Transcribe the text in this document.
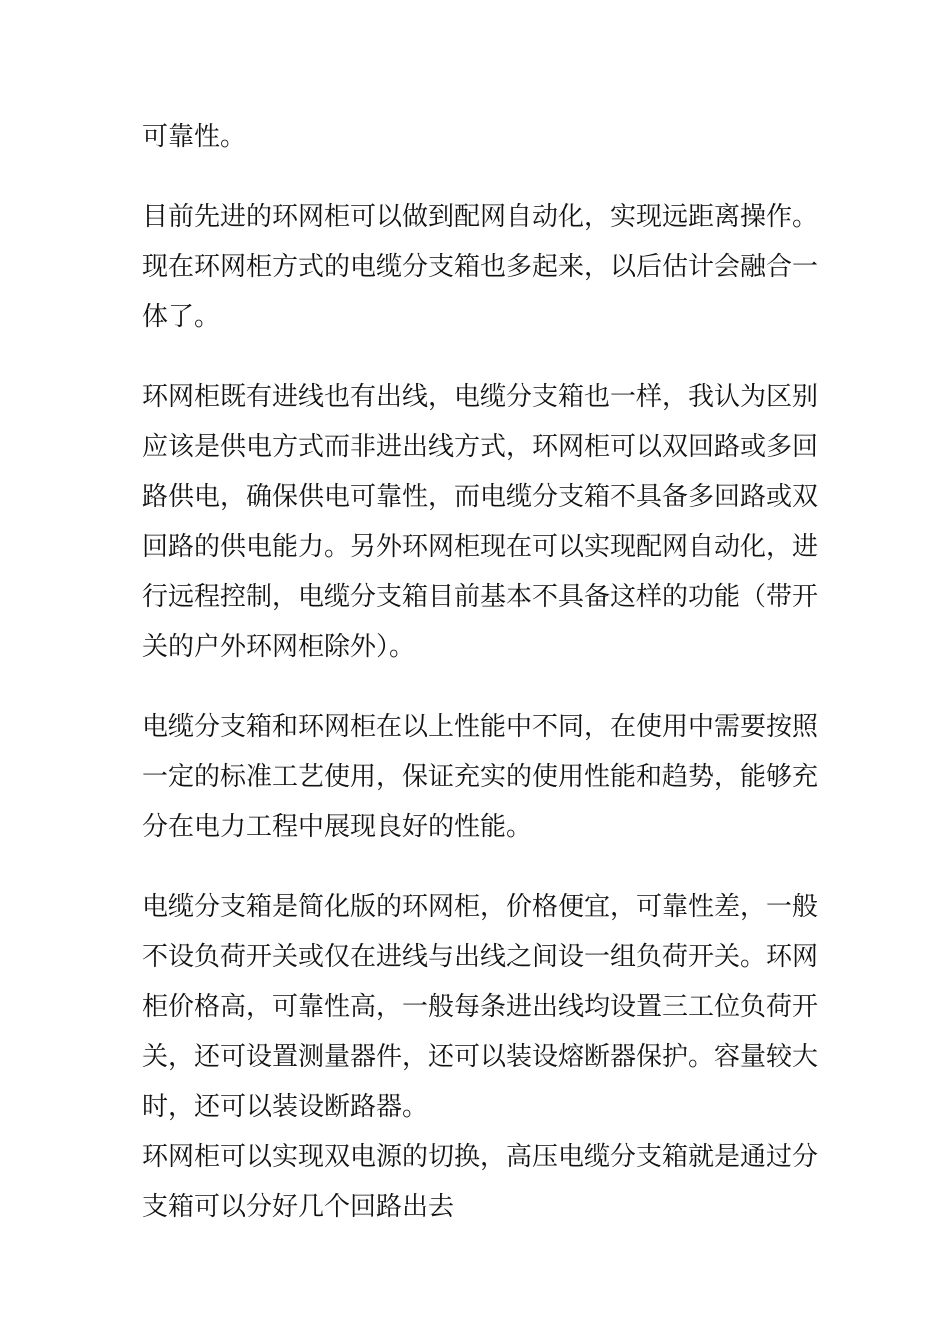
可靠性。

目前先进的环网柜可以做到配网自动化，实现远距离操作。
现在环网柜方式的电缆分支箱也多起来，以后估计会融合一
体了。

环网柜既有进线也有出线，电缆分支箱也一样，我认为区别
应该是供电方式而非进出线方式，环网柜可以双回路或多回
路供电，确保供电可靠性，而电缆分支箱不具备多回路或双
回路的供电能力。另外环网柜现在可以实现配网自动化，进
行远程控制，电缆分支箱目前基本不具备这样的功能（带开
关的户外环网柜除外）。

电缆分支箱和环网柜在以上性能中不同，在使用中需要按照
一定的标准工艺使用，保证充实的使用性能和趋势，能够充
分在电力工程中展现良好的性能。

电缆分支箱是简化版的环网柜，价格便宜，可靠性差，一般
不设负荷开关或仅在进线与出线之间设一组负荷开关。环网
柜价格高，可靠性高，一般每条进出线均设置三工位负荷开
关，还可设置测量器件，还可以装设熔断器保护。容量较大
时，还可以装设断路器。

环网柜可以实现双电源的切换，高压电缆分支箱就是通过分
支箱可以分好几个回路出去
